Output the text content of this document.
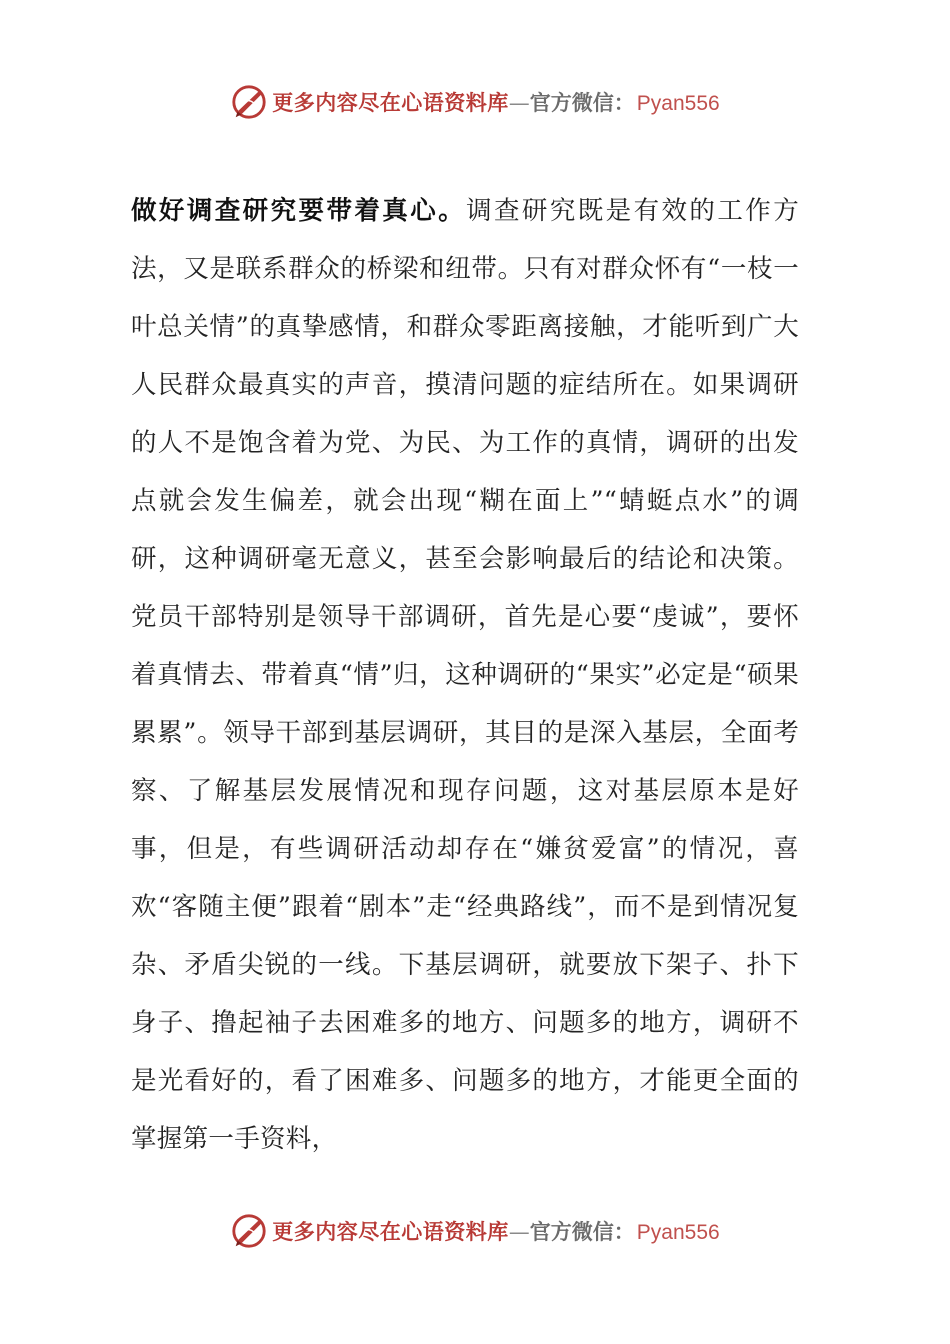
更多内容尽在心语资料库 — 官方微信： Pyan556

做好调查研究要带着真心。调查研究既是有效的工作方法，又是联系群众的桥梁和纽带。只有对群众怀有“一枝一叶总关情”的真挚感情，和群众零距离接触，才能听到广大人民群众最真实的声音，摸清问题的症结所在。如果调研的人不是饱含着为党、为民、为工作的真情，调研的出发点就会发生偏差，就会出现“糊在面上”“蜻蜓点水”的调研，这种调研毫无意义，甚至会影响最后的结论和决策。党员干部特别是领导干部调研，首先是心要“虔诚”，要怀着真情去、带着真“情”归，这种调研的“果实”必定是“硕果累累”。领导干部到基层调研，其目的是深入基层，全面考察、了解基层发展情况和现存问题，这对基层原本是好事，但是，有些调研活动却存在“嫌贫爱富”的情况，喜欢“客随主便”跟着“剧本”走“经典路线”，而不是到情况复杂、矛盾尖锐的一线。下基层调研，就要放下架子、扑下身子、撸起袖子去困难多的地方、问题多的地方，调研不是光看好的，看了困难多、问题多的地方，才能更全面的掌握第一手资料，

更多内容尽在心语资料库 — 官方微信： Pyan556
